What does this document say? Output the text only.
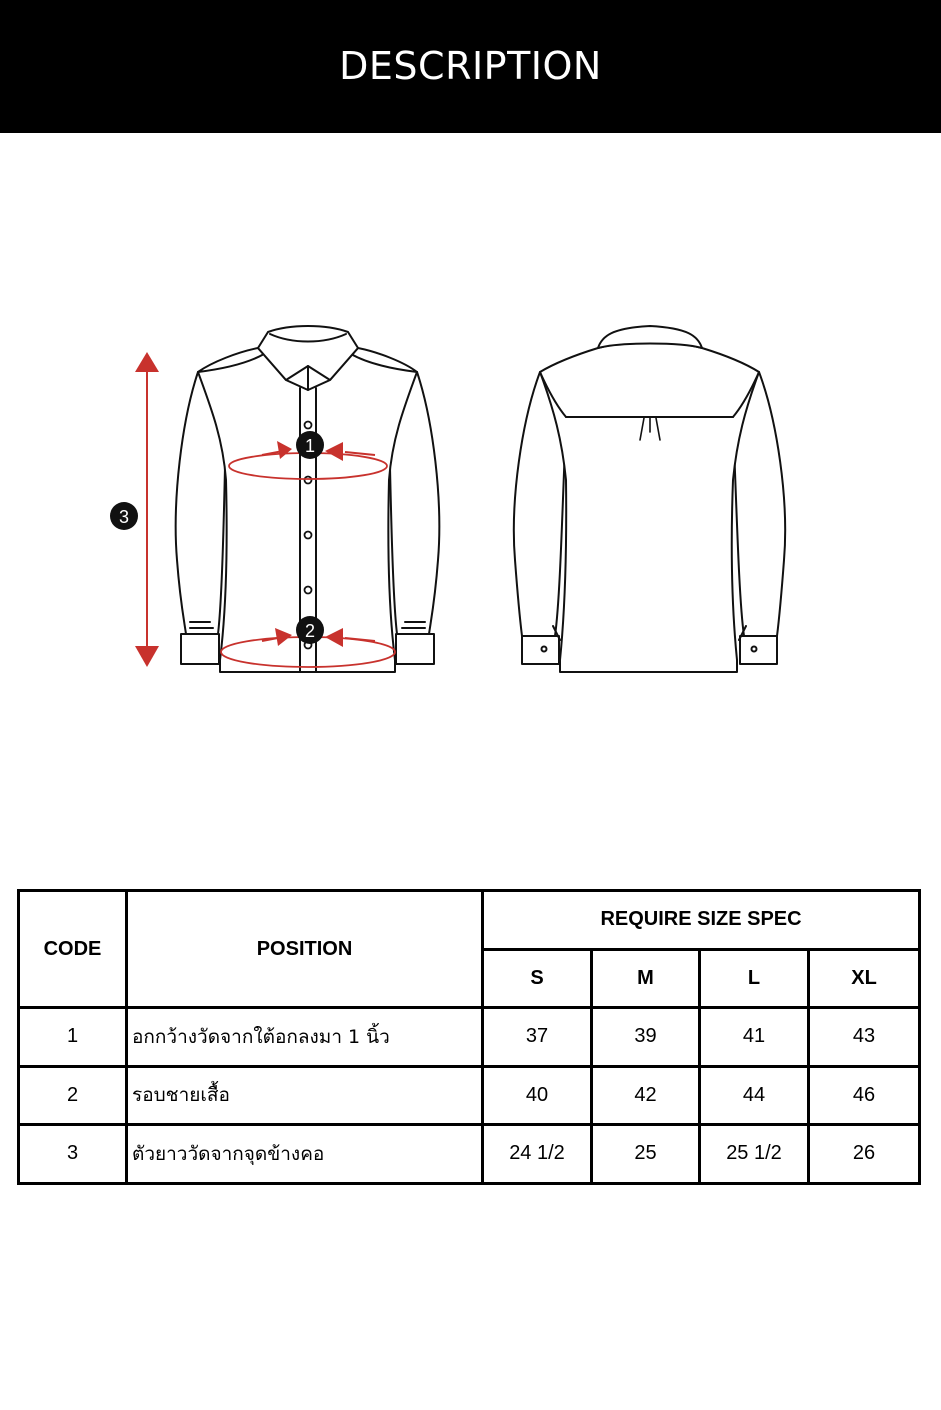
DESCRIPTION
1
2
3
CODE	POSITION	REQUIRE SIZE SPEC			
		S	M	L	XL
1	อกกว้างวัดจากใต้อกลงมา 1 นิ้ว	37	39	41	43
2	รอบชายเสื้อ	40	42	44	46
3	ตัวยาววัดจากจุดข้างคอ	24 1/2	25	25 1/2	26
